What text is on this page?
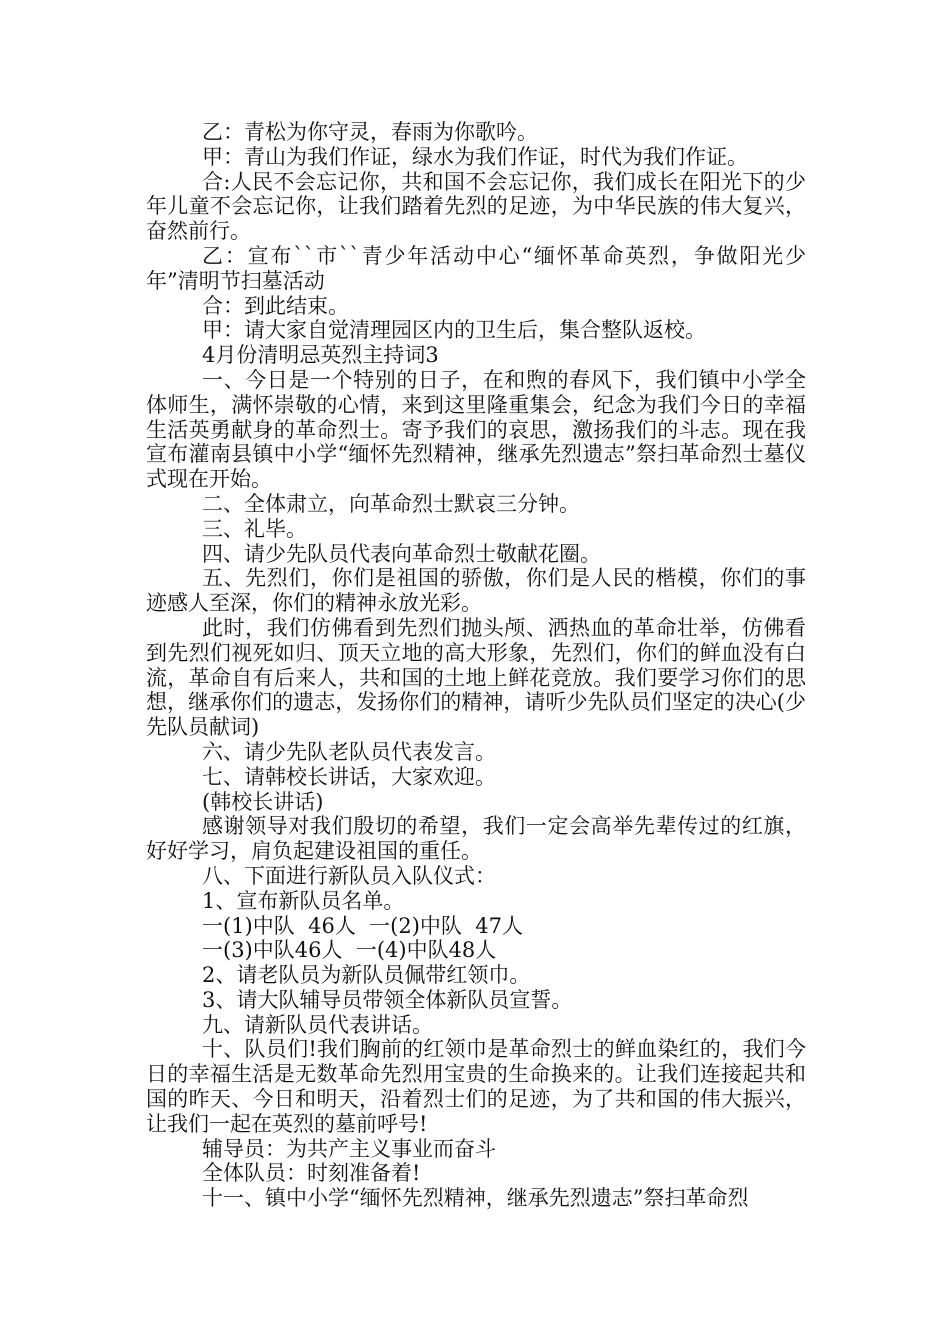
乙：青松为你守灵，春雨为你歌吟。

甲：青山为我们作证，绿水为我们作证，时代为我们作证。

合:人民不会忘记你，共和国不会忘记你，我们成长在阳光下的少年儿童不会忘记你，让我们踏着先烈的足迹，为中华民族的伟大复兴，奋然前行。

乙：宣布``市``青少年活动中心“缅怀革命英烈，争做阳光少年”清明节扫墓活动

合：到此结束。

甲：请大家自觉清理园区内的卫生后，集合整队返校。

4月份清明忌英烈主持词3

一、今日是一个特别的日子，在和煦的春风下，我们镇中小学全体师生，满怀崇敬的心情，来到这里隆重集会，纪念为我们今日的幸福生活英勇献身的革命烈士。寄予我们的哀思，激扬我们的斗志。现在我宣布灌南县镇中小学“缅怀先烈精神，继承先烈遗志”祭扫革命烈士墓仪式现在开始。

二、全体肃立，向革命烈士默哀三分钟。

三、礼毕。

四、请少先队员代表向革命烈士敬献花圈。

五、先烈们，你们是祖国的骄傲，你们是人民的楷模，你们的事迹感人至深，你们的精神永放光彩。

此时，我们仿佛看到先烈们抛头颅、洒热血的革命壮举，仿佛看到先烈们视死如归、顶天立地的高大形象，先烈们，你们的鲜血没有白流，革命自有后来人，共和国的土地上鲜花竞放。我们要学习你们的思想，继承你们的遗志，发扬你们的精神，请听少先队员们坚定的决心(少先队员献词)

六、请少先队老队员代表发言。

七、请韩校长讲话，大家欢迎。

(韩校长讲话)

感谢领导对我们殷切的希望，我们一定会高举先辈传过的红旗，好好学习，肩负起建设祖国的重任。

八、下面进行新队员入队仪式：

1、宣布新队员名单。

一(1)中队  46人  一(2)中队  47人

一(3)中队46人  一(4)中队48人

2、请老队员为新队员佩带红领巾。

3、请大队辅导员带领全体新队员宣誓。

九、请新队员代表讲话。

十、队员们!我们胸前的红领巾是革命烈士的鲜血染红的，我们今日的幸福生活是无数革命先烈用宝贵的生命换来的。让我们连接起共和国的昨天、今日和明天，沿着烈士们的足迹，为了共和国的伟大振兴，让我们一起在英烈的墓前呼号!

辅导员：为共产主义事业而奋斗

全体队员：时刻准备着!

十一、镇中小学“缅怀先烈精神，继承先烈遗志”祭扫革命烈
